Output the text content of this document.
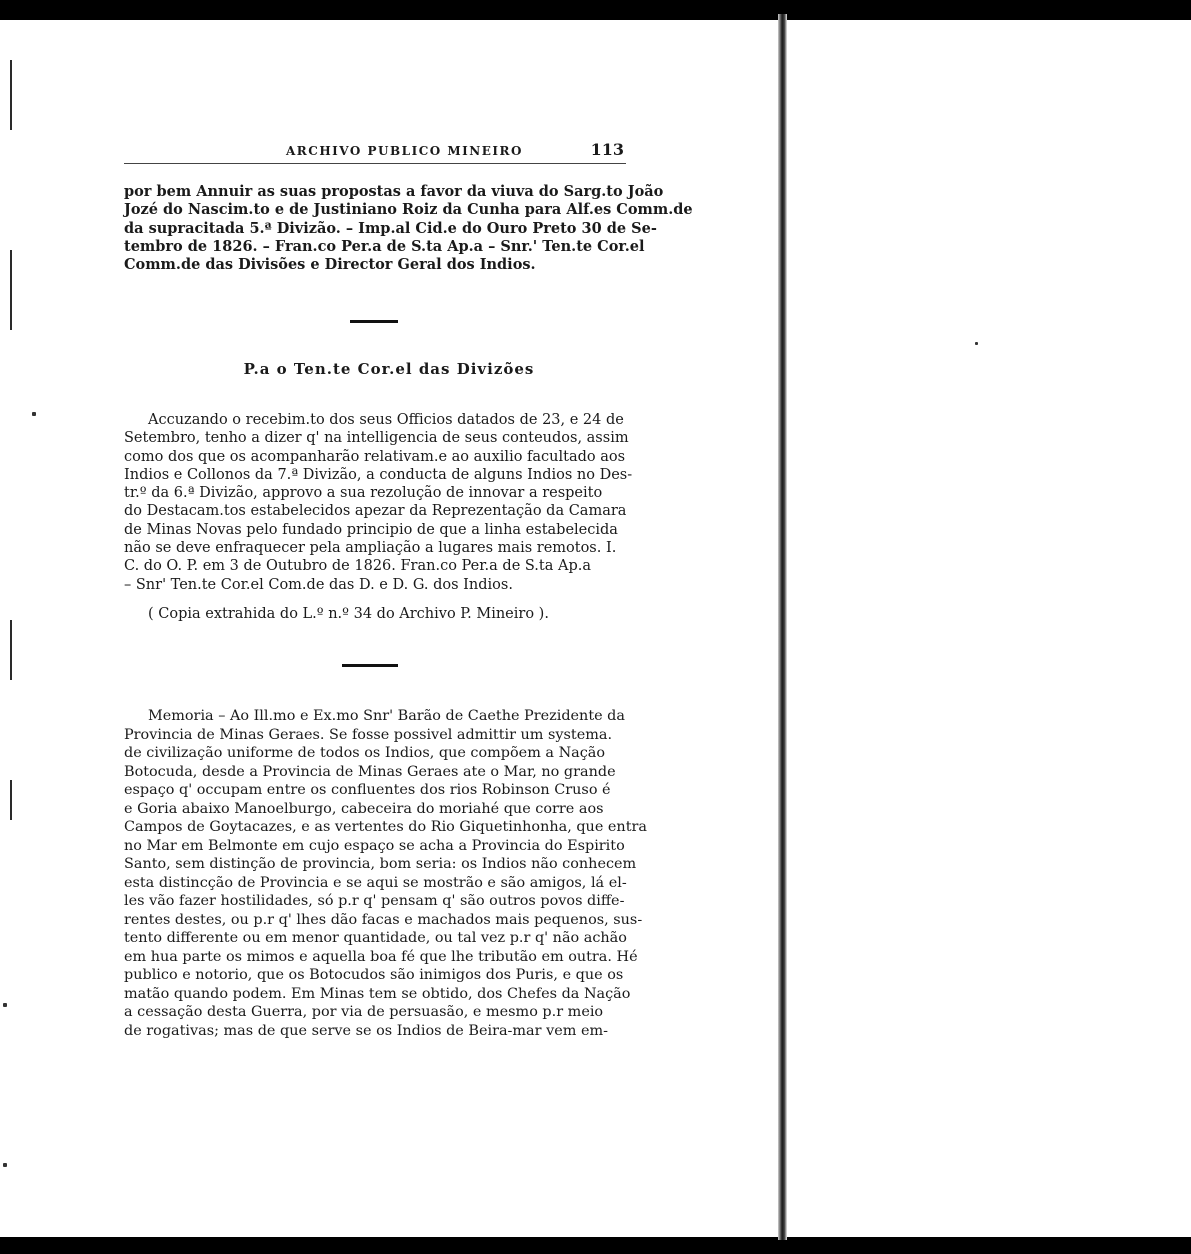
ARCHIVO PUBLICO MINEIRO	113
por bem Annuir as suas propostas a favor da viuva do Sarg.to João
Jozé do Nascim.to e de Justiniano Roiz da Cunha para Alf.es Comm.de
da supracitada 5.ª Divizão. – Imp.al Cid.e do Ouro Preto 30 de Se-
tembro de 1826. – Fran.co Per.a de S.ta Ap.a – Snr.' Ten.te Cor.el
Comm.de das Divisões e Director Geral dos Indios.
P.a o Ten.te Cor.el das Divizões
Accuzando o recebim.to dos seus Officios datados de 23, e 24 de
Setembro, tenho a dizer q' na intelligencia de seus conteudos, assim
como dos que os acompanharão relativam.e ao auxilio facultado aos
Indios e Collonos da 7.ª Divizão, a conducta de alguns Indios no Des-
tr.º da 6.ª Divizão, approvo a sua rezolução de innovar a respeito
do Destacam.tos estabelecidos apezar da Reprezentação da Camara
de Minas Novas pelo fundado principio de que a linha estabelecida
não se deve enfraquecer pela ampliação a lugares mais remotos. I.
C. do O. P. em 3 de Outubro de 1826. Fran.co Per.a de S.ta Ap.a
– Snr' Ten.te Cor.el Com.de das D. e D. G. dos Indios.
( Copia extrahida do L.º n.º 34 do Archivo P. Mineiro ).
Memoria – Ao Ill.mo e Ex.mo Snr' Barão de Caethe Prezidente da
Provincia de Minas Geraes. Se fosse possivel admittir um systema.
de civilização uniforme de todos os Indios, que compõem a Nação
Botocuda, desde a Provincia de Minas Geraes ate o Mar, no grande
espaço q' occupam entre os confluentes dos rios Robinson Cruso é
e Goria abaixo Manoelburgo, cabeceira do moriahé que corre aos
Campos de Goytacazes, e as vertentes do Rio Giquetinhonha, que entra
no Mar em Belmonte em cujo espaço se acha a Provincia do Espirito
Santo, sem distinção de provincia, bom seria: os Indios não conhecem
esta distincção de Provincia e se aqui se mostrão e são amigos, lá el-
les vão fazer hostilidades, só p.r q' pensam q' são outros povos diffe-
rentes destes, ou p.r q' lhes dão facas e machados mais pequenos, sus-
tento differente ou em menor quantidade, ou tal vez p.r q' não achão
em hua parte os mimos e aquella boa fé que lhe tributão em outra. Hé
publico e notorio, que os Botocudos são inimigos dos Puris, e que os
matão quando podem. Em Minas tem se obtido, dos Chefes da Nação
a cessação desta Guerra, por via de persuasão, e mesmo p.r meio
de rogativas; mas de que serve se os Indios de Beira-mar vem em-
